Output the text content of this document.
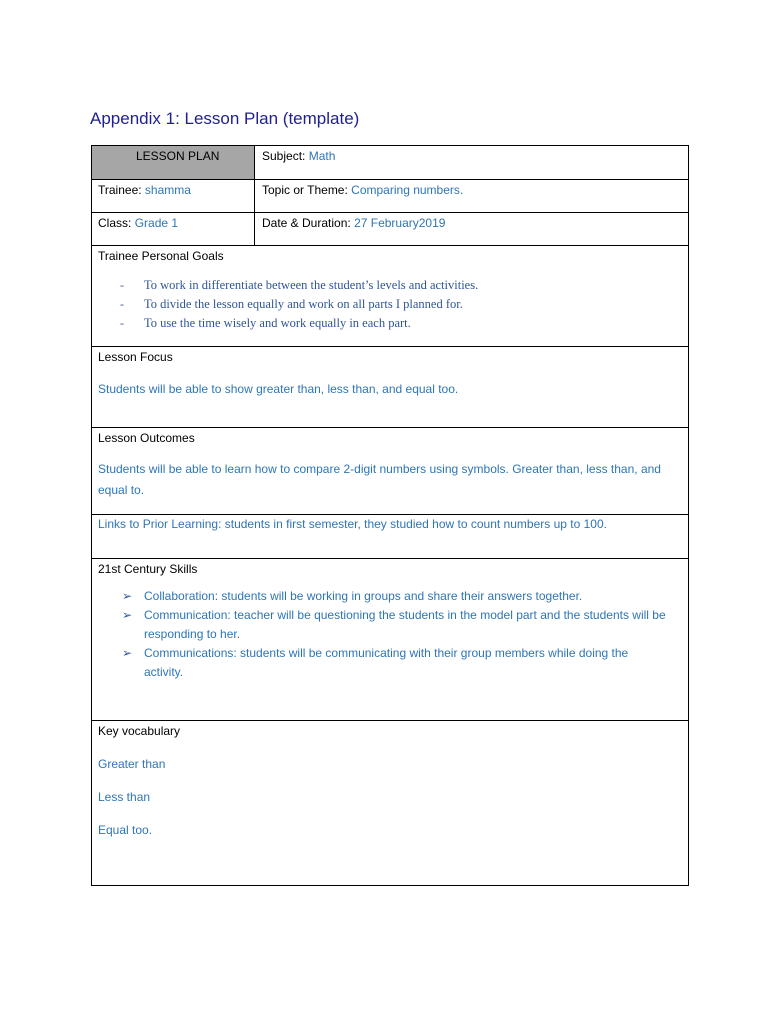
Appendix 1: Lesson Plan (template)
LESSON PLAN	Subject: Math
Trainee: shamma	Topic or Theme: Comparing numbers.
Class: Grade 1	Date & Duration: 27 February2019
Trainee Personal Goals
- To work in differentiate between the student’s levels and activities.
- To divide the lesson equally and work on all parts I planned for.
- To use the time wisely and work equally in each part.
Lesson Focus
Students will be able to show greater than, less than, and equal too.
Lesson Outcomes
Students will be able to learn how to compare 2-digit numbers using symbols. Greater than, less than, and
equal to.
Links to Prior Learning: students in first semester, they studied how to count numbers up to 100.
21st Century Skills
➢ Collaboration: students will be working in groups and share their answers together.
➢ Communication: teacher will be questioning the students in the model part and the students will be responding to her.
➢ Communications: students will be communicating with their group members while doing the activity.
Key vocabulary
Greater than
Less than
Equal too.
